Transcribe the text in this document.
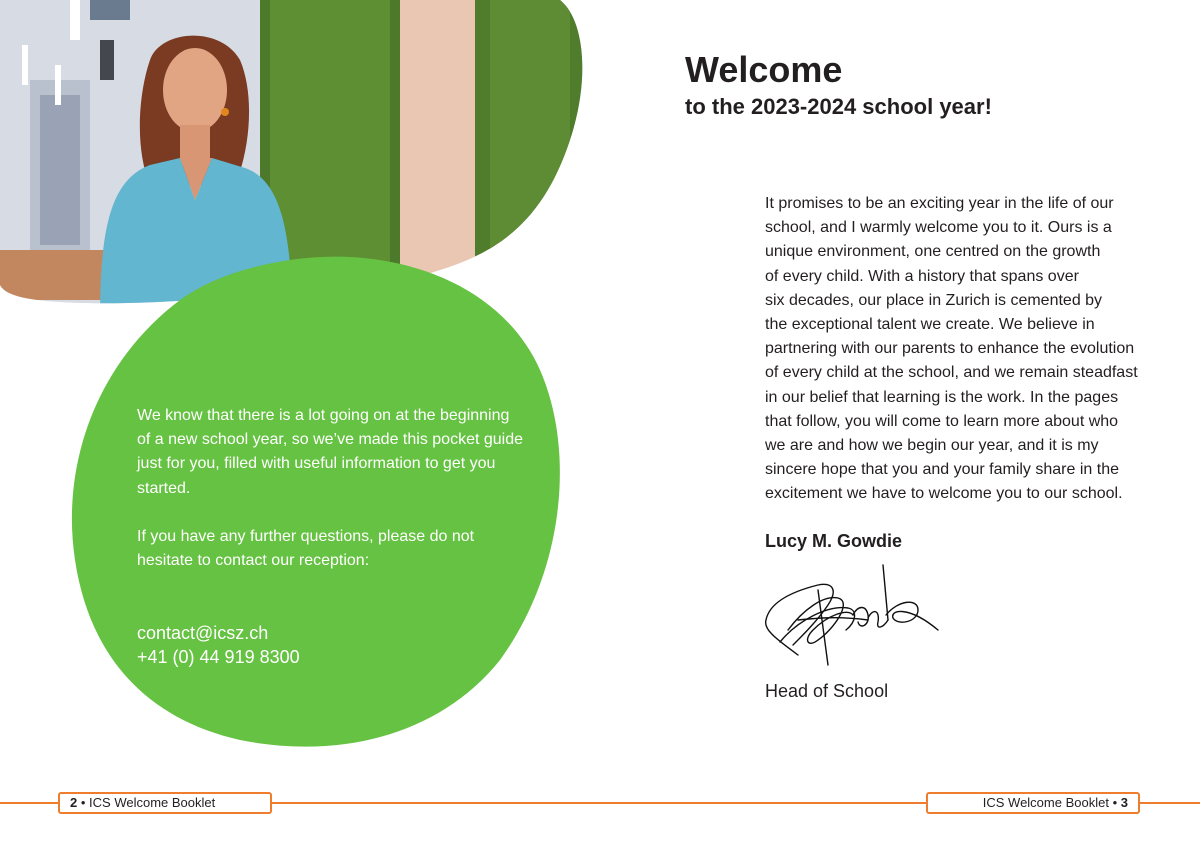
We know that there is a lot going on at the beginning of a new school year, so we’ve made this pocket guide just for you, filled with useful information to get you started.

If you have any further questions, please do not hesitate to contact our reception:

contact@icsz.ch
+41 (0) 44 919 8300
Welcome
to the 2023-2024 school year!
It promises to be an exciting year in the life of our
school, and I warmly welcome you to it. Ours is a
unique environment, one centred on the growth
of every child. With a history that spans over
six decades, our place in Zurich is cemented by
the exceptional talent we create. We believe in
partnering with our parents to enhance the evolution
of every child at the school, and we remain steadfast
in our belief that learning is the work. In the pages
that follow, you will come to learn more about who
we are and how we begin our year, and it is my
sincere hope that you and your family share in the
excitement we have to welcome you to our school.
Lucy M. Gowdie
Head of School
2 • ICS Welcome Booklet	ICS Welcome Booklet • 3
